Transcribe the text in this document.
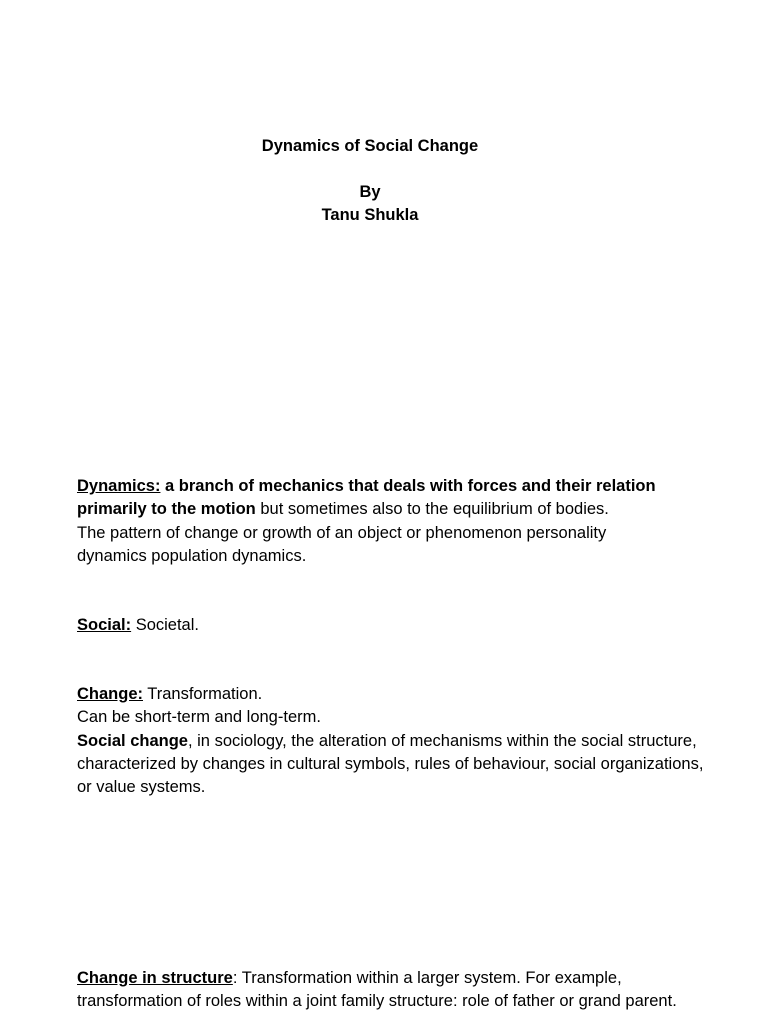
Dynamics of Social Change
By
Tanu Shukla
Dynamics: a branch of mechanics that deals with forces and their relation primarily to the motion but sometimes also to the equilibrium of bodies.
The pattern of change or growth of an object or phenomenon personality dynamics population dynamics.
Social: Societal.
Change: Transformation.
Can be short-term and long-term.
Social change, in sociology, the alteration of mechanisms within the social structure, characterized by changes in cultural symbols, rules of behaviour, social organizations, or value systems.
Change in structure: Transformation within a larger system. For example, transformation of roles within a joint family structure: role of father or grand parent.
